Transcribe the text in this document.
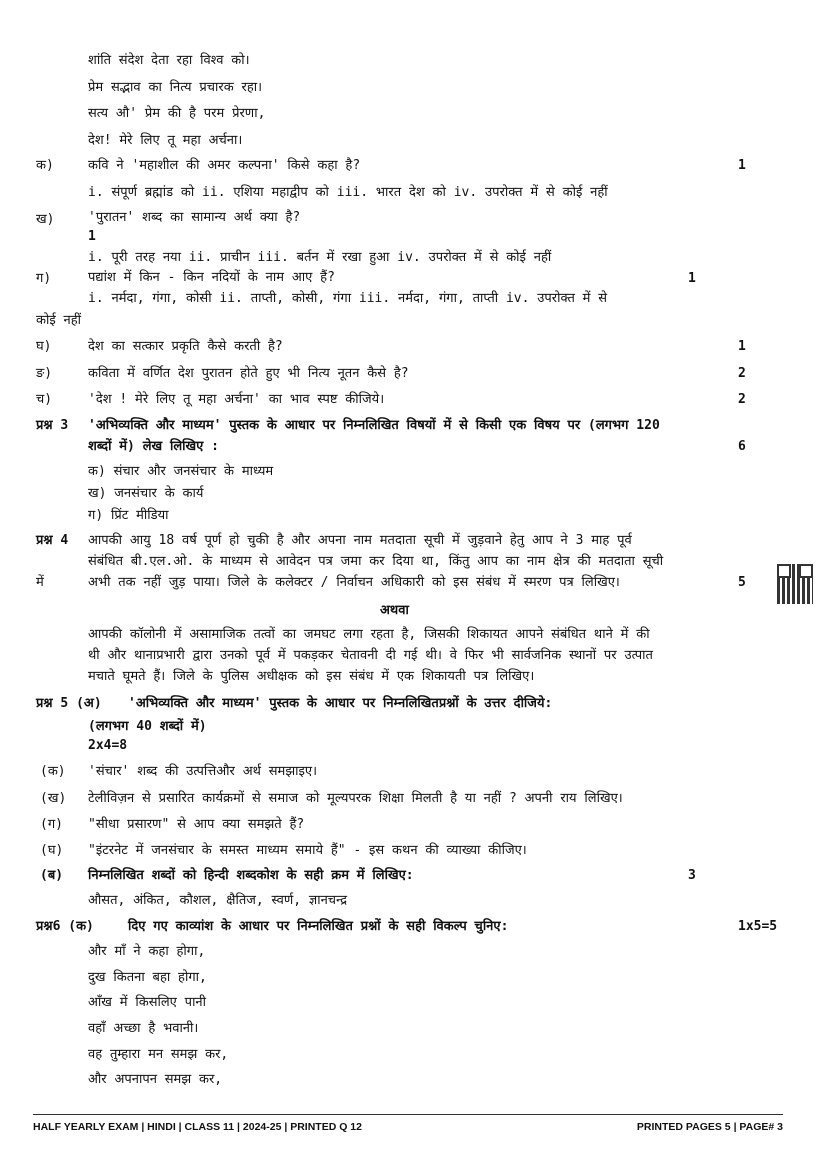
शांति संदेश देता रहा विश्व को।
प्रेम सद्भाव का नित्य प्रचारक रहा।
सत्य औ' प्रेम की है परम प्रेरणा,
देश! मेरे लिए तू महा अर्चना।
क)	कवि ने 'महाशील की अमर कल्पना' किसे कहा है?	1
i. संपूर्ण ब्रह्मांड को ii. एशिया महाद्वीप को iii. भारत देश को iv. उपरोक्त में से कोई नहीं
ख)	'पुरातन' शब्द का सामान्य अर्थ क्या है?
1
i. पूरी तरह नया ii. प्राचीन iii. बर्तन में रखा हुआ iv. उपरोक्त में से कोई नहीं
ग)	पद्यांश में किन - किन नदियों के नाम आए हैं?	1
i. नर्मदा, गंगा, कोसी ii. ताप्ती, कोसी, गंगा iii. नर्मदा, गंगा, ताप्ती iv. उपरोक्त में से
कोई नहीं
घ)	देश का सत्कार प्रकृति कैसे करती है?	1
ङ)	कविता में वर्णित देश पुरातन होते हुए भी नित्य नूतन कैसे है?	2
च)	'देश ! मेरे लिए तू महा अर्चना' का भाव स्पष्ट कीजिये।	2
प्रश्न 3 'अभिव्यक्ति और माध्यम' पुस्तक के आधार पर निम्नलिखित विषयों में से किसी एक विषय पर (लगभग 120
शब्दों में) लेख लिखिए :	6
क) संचार और जनसंचार के माध्यम
ख) जनसंचार के कार्य
ग) प्रिंट मीडिया
प्रश्न 4 आपकी आयु 18 वर्ष पूर्ण हो चुकी है और अपना नाम मतदाता सूची में जुड़वाने हेतु आप ने 3 माह पूर्व
संबंधित बी.एल.ओ. के माध्यम से आवेदन पत्र जमा कर दिया था, किंतु आप का नाम क्षेत्र की मतदाता सूची
में	अभी तक नहीं जुड़ पाया। जिले के कलेक्टर / निर्वाचन अधिकारी को इस संबंध में स्मरण पत्र लिखिए।	5
अथवा
आपकी कॉलोनी में असामाजिक तत्वों का जमघट लगा रहता है, जिसकी शिकायत आपने संबंधित थाने में की
थी और थानाप्रभारी द्वारा उनको पूर्व में पकड़कर चेतावनी दी गई थी। वे फिर भी सार्वजनिक स्थानों पर उत्पात
मचाते घूमते हैं। जिले के पुलिस अधीक्षक को इस संबंध में एक शिकायती पत्र लिखिए।
प्रश्न 5 (अ) 'अभिव्यक्ति और माध्यम' पुस्तक के आधार पर निम्नलिखितप्रश्नों के उत्तर दीजिये:
(लगभग 40 शब्दों में)
2x4=8
(क) 'संचार' शब्द की उत्पत्तिऔर अर्थ समझाइए।
(ख) टेलीविज़न से प्रसारित कार्यक्रमों से समाज को मूल्यपरक शिक्षा मिलती है या नहीं ? अपनी राय लिखिए।
(ग) "सीधा प्रसारण" से आप क्या समझते हैं?
(घ) "इंटरनेट में जनसंचार के समस्त माध्यम समाये हैं" - इस कथन की व्याख्या कीजिए।
(ब) निम्नलिखित शब्दों को हिन्दी शब्दकोश के सही क्रम में लिखिए:	3
औसत, अंकित, कौशल, क्षैतिज, स्वर्ण, ज्ञानचन्द्र
प्रश्न6 (क)	दिए गए काव्यांश के आधार पर निम्नलिखित प्रश्नों के सही विकल्प चुनिए:	1x5=5
और माँ ने कहा होगा,
दुख कितना बहा होगा,
आँख में किसलिए पानी
वहाँ अच्छा है भवानी।
वह तुम्हारा मन समझ कर,
और अपनापन समझ कर,
HALF YEARLY EXAM | HINDI | CLASS 11 | 2024-25 | PRINTED Q 12	PRINTED PAGES 5 | PAGE# 3
